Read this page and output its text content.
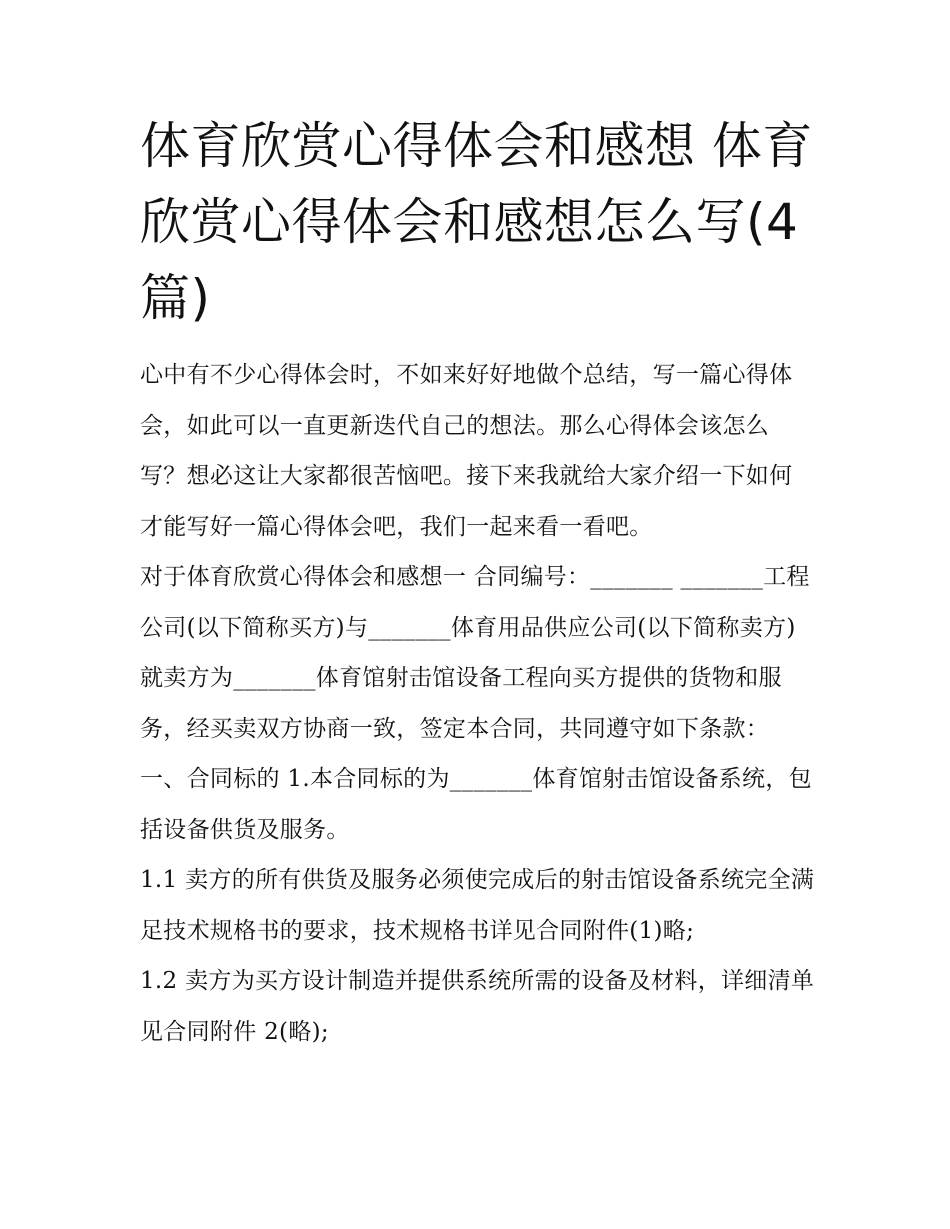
体育欣赏心得体会和感想 体育欣赏心得体会和感想怎么写(4篇)

心中有不少心得体会时，不如来好好地做个总结，写一篇心得体会，如此可以一直更新迭代自己的想法。那么心得体会该怎么写？想必这让大家都很苦恼吧。接下来我就给大家介绍一下如何才能写好一篇心得体会吧，我们一起来看一看吧。

对于体育欣赏心得体会和感想一 合同编号：_______ _______工程公司(以下简称买方)与_______体育用品供应公司(以下简称卖方)就卖方为_______体育馆射击馆设备工程向买方提供的货物和服务，经买卖双方协商一致，签定本合同，共同遵守如下条款：

一、合同标的 1.本合同标的为_______体育馆射击馆设备系统，包括设备供货及服务。

1.1 卖方的所有供货及服务必须使完成后的射击馆设备系统完全满足技术规格书的要求，技术规格书详见合同附件(1)略;

1.2 卖方为买方设计制造并提供系统所需的设备及材料，详细清单见合同附件 2(略);
